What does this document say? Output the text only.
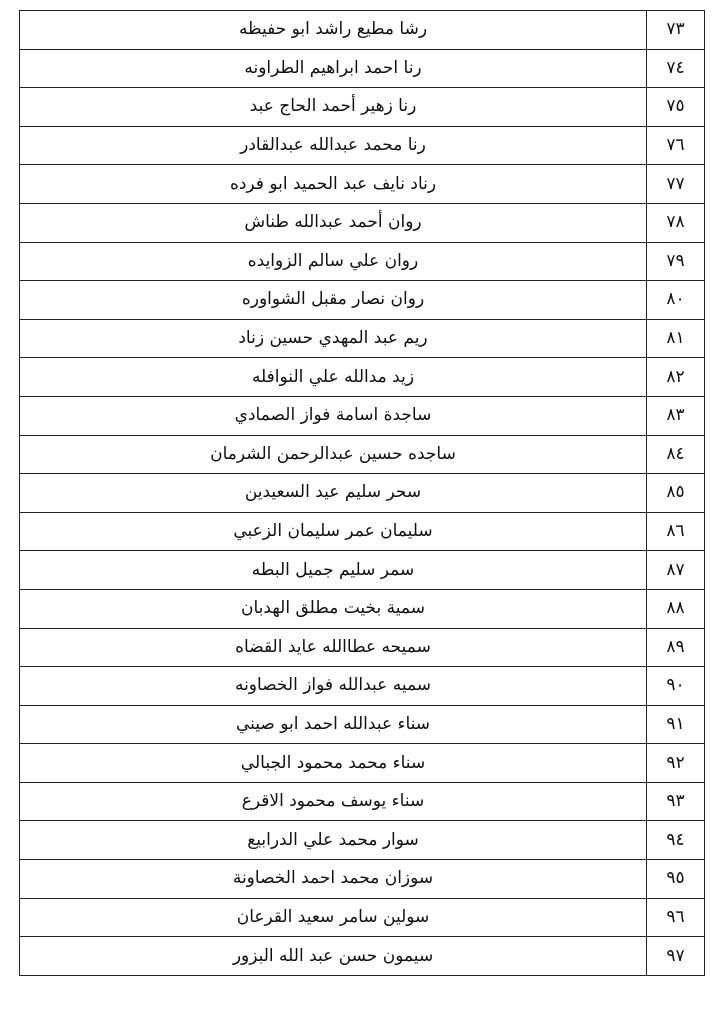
٧٣	رشا مطيع راشد ابو حفيظه
٧٤	رنا احمد ابراهيم الطراونه
٧٥	رنا زهير أحمد الحاج عبد
٧٦	رنا محمد عبدالله عبدالقادر
٧٧	رناد نايف عبد الحميد ابو فرده
٧٨	روان أحمد عبدالله طناش
٧٩	روان علي سالم الزوايده
٨٠	روان نصار مقبل الشواوره
٨١	ريم عبد المهدي حسين زناد
٨٢	زيد مدالله علي النوافله
٨٣	ساجدة اسامة فواز الصمادي
٨٤	ساجده حسين عبدالرحمن الشرمان
٨٥	سحر سليم عيد السعيدين
٨٦	سليمان عمر سليمان الزعبي
٨٧	سمر سليم جميل البطه
٨٨	سمية بخيت مطلق الهدبان
٨٩	سميحه عطاالله عايد القضاه
٩٠	سميه عبدالله فواز الخصاونه
٩١	سناء عبدالله احمد ابو صيني
٩٢	سناء محمد محمود الجبالي
٩٣	سناء يوسف محمود الاقرع
٩٤	سوار محمد علي الدرابيع
٩٥	سوزان محمد احمد الخصاونة
٩٦	سولين سامر سعيد القرعان
٩٧	سيمون حسن عبد الله البزور
